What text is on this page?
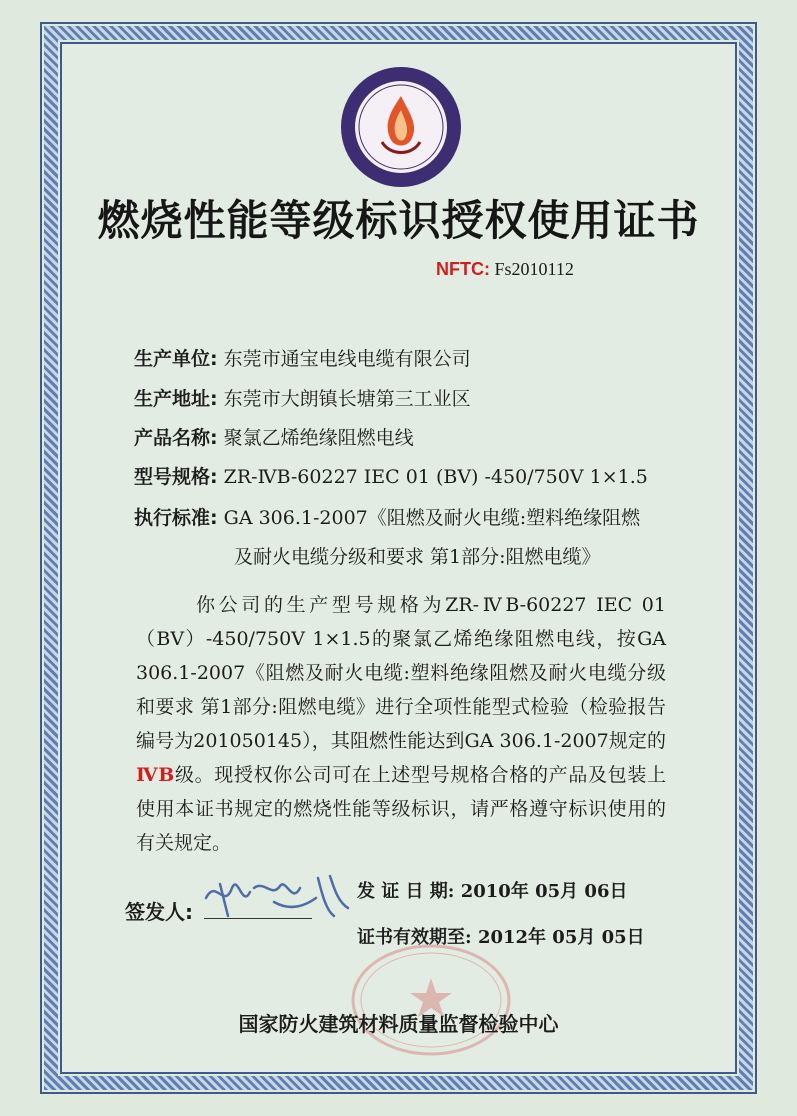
燃烧性能等级标识授权使用证书
NFTC: Fs2010112
生产单位: 东莞市通宝电线电缆有限公司
生产地址: 东莞市大朗镇长塘第三工业区
产品名称: 聚氯乙烯绝缘阻燃电线
型号规格: ZR-ⅣB-60227 IEC 01 (BV) -450/750V 1×1.5
执行标准: GA 306.1-2007《阻燃及耐火电缆:塑料绝缘阻燃
及耐火电缆分级和要求 第1部分:阻燃电缆》
你公司的生产型号规格为ZR-ⅣB-60227 IEC 01（BV）-450/750V 1×1.5的聚氯乙烯绝缘阻燃电线，按GA 306.1-2007《阻燃及耐火电缆:塑料绝缘阻燃及耐火电缆分级和要求 第1部分:阻燃电缆》进行全项性能型式检验（检验报告编号为201050145），其阻燃性能达到GA 306.1-2007规定的ⅣB级。现授权你公司可在上述型号规格合格的产品及包装上使用本证书规定的燃烧性能等级标识，请严格遵守标识使用的有关规定。
签发人:
发 证 日 期: 2010年 05月 06日
证书有效期至: 2012年 05月 05日
国家防火建筑材料质量监督检验中心
